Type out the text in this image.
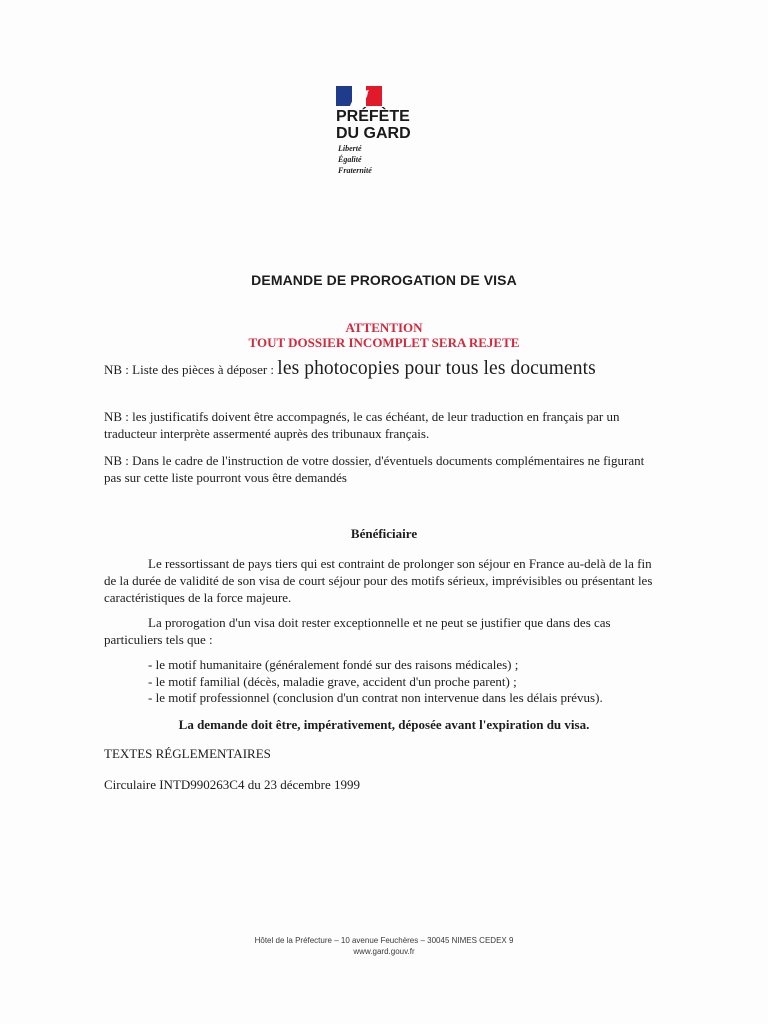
PRÉFÈTE
DU GARD
Liberté
Égalité
Fraternité
DEMANDE DE PROROGATION DE VISA
ATTENTION
TOUT DOSSIER INCOMPLET SERA REJETE
NB : Liste des pièces à déposer : les photocopies pour tous les documents
NB : les justificatifs doivent être accompagnés, le cas échéant, de leur traduction en français par un traducteur interprète assermenté auprès des tribunaux français.
NB : Dans le cadre de l'instruction de votre dossier, d'éventuels documents complémentaires ne figurant pas sur cette liste pourront vous être demandés
Bénéficiaire
Le ressortissant de pays tiers qui est contraint de prolonger son séjour en France au-delà de la fin de la durée de validité de son visa de court séjour pour des motifs sérieux, imprévisibles ou présentant les caractéristiques de la force majeure.
La prorogation d'un visa doit rester exceptionnelle et ne peut se justifier que dans des cas particuliers tels que :
- le motif humanitaire (généralement fondé sur des raisons médicales) ;
- le motif familial (décès, maladie grave, accident d'un proche parent) ;
- le motif professionnel (conclusion d'un contrat non intervenue dans les délais prévus).
La demande doit être, impérativement, déposée avant l'expiration du visa.
TEXTES RÉGLEMENTAIRES
Circulaire INTD990263C4 du 23 décembre 1999
Hôtel de la Préfecture – 10 avenue Feuchères – 30045 NIMES CEDEX 9
www.gard.gouv.fr
